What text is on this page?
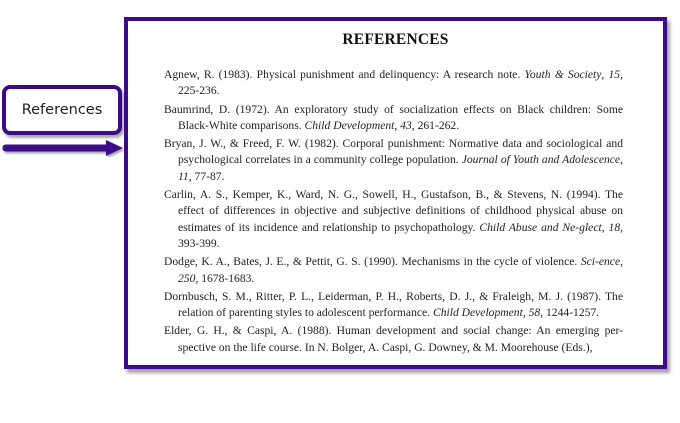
References
REFERENCES

Agnew, R. (1983). Physical punishment and delinquency: A research note. Youth & Society, 15, 225-236.

Baumrind, D. (1972). An exploratory study of socialization effects on Black children: Some Black-White comparisons. Child Development, 43, 261-262.

Bryan, J. W., & Freed, F. W. (1982). Corporal punishment: Normative data and sociological and psychological correlates in a community college population. Journal of Youth and Adolescence, 11, 77-87.

Carlin, A. S., Kemper, K., Ward, N. G., Sowell, H., Gustafson, B., & Stevens, N. (1994). The effect of differences in objective and subjective definitions of childhood physical abuse on estimates of its incidence and relationship to psychopathology. Child Abuse and Ne-glect, 18, 393-399.

Dodge, K. A., Bates, J. E., & Pettit, G. S. (1990). Mechanisms in the cycle of violence. Sci-ence, 250, 1678-1683.

Dornbusch, S. M., Ritter, P. L., Leiderman, P. H., Roberts, D. J., & Fraleigh, M. J. (1987). The relation of parenting styles to adolescent performance. Child Development, 58, 1244-1257.

Elder, G. H., & Caspi, A. (1988). Human development and social change: An emerging per-spective on the life course. In N. Bolger, A. Caspi, G. Downey, & M. Moorehouse (Eds.),
